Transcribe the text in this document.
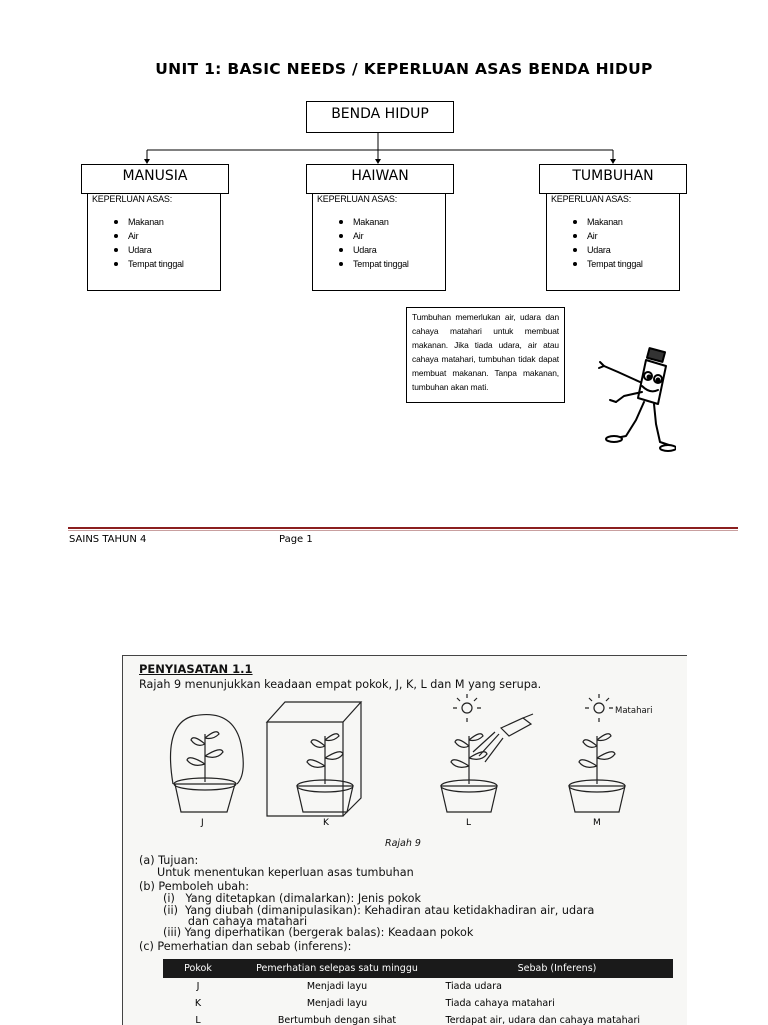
UNIT 1: BASIC NEEDS / KEPERLUAN ASAS BENDA HIDUP
BENDA HIDUP
KEPERLUAN ASAS:
Makanan
Air
Udara
Tempat tinggal
MANUSIA
KEPERLUAN ASAS:
Makanan
Air
Udara
Tempat tinggal
HAIWAN
KEPERLUAN ASAS:
Makanan
Air
Udara
Tempat tinggal
TUMBUHAN
Tumbuhan memerlukan air, udara dan cahaya matahari untuk membuat makanan. Jika tiada udara, air atau cahaya matahari, tumbuhan tidak dapat membuat makanan. Tanpa makanan, tumbuhan akan mati.
SAINS TAHUN 4	Page 1
PENYIASATAN 1.1
Rajah 9 menunjukkan keadaan empat pokok, J, K, L dan M yang serupa.
Matahari
J	K	L	M
Rajah 9
(a) Tujuan:
Untuk menentukan keperluan asas tumbuhan
(b) Pemboleh ubah:
(i)   Yang ditetapkan (dimalarkan): Jenis pokok
(ii)  Yang diubah (dimanipulasikan): Kehadiran atau ketidakhadiran air, udara
dan cahaya matahari
(iii) Yang diperhatikan (bergerak balas): Keadaan pokok
(c) Pemerhatian dan sebab (inferens):
Pokok	Pemerhatian selepas satu minggu	Sebab (Inferens)
J	Menjadi layu	Tiada udara
K	Menjadi layu	Tiada cahaya matahari
L	Bertumbuh dengan sihat	Terdapat air, udara dan cahaya matahari
